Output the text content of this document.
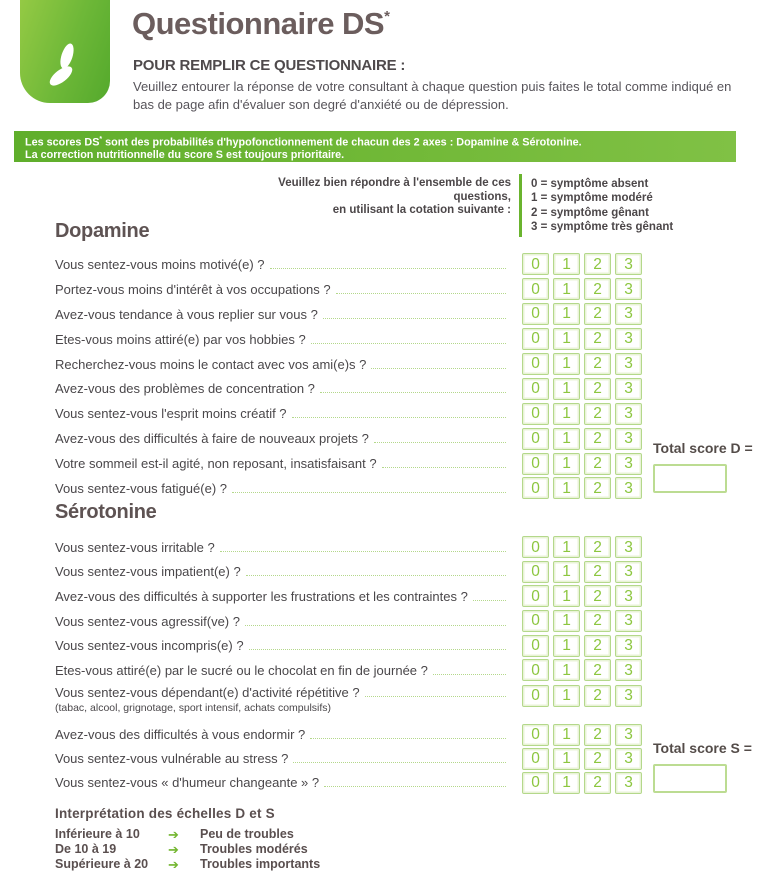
Questionnaire DS*
POUR REMPLIR CE QUESTIONNAIRE :
Veuillez entourer la réponse de votre consultant à chaque question puis faites le total comme indiqué en bas de page afin d'évaluer son degré d'anxiété ou de dépression.
Les scores DS* sont des probabilités d'hypofonctionnement de chacun des 2 axes : Dopamine & Sérotonine.
La correction nutritionnelle du score S est toujours prioritaire.
Veuillez bien répondre à l'ensemble de ces questions,
en utilisant la cotation suivante :
0 = symptôme absent
1 = symptôme modéré
2 = symptôme gênant
3 = symptôme très gênant
Dopamine
Vous sentez-vous moins motivé(e) ?	0	1	2	3
Portez-vous moins d'intérêt à vos occupations ?	0	1	2	3
Avez-vous tendance à vous replier sur vous ?	0	1	2	3
Etes-vous moins attiré(e) par vos hobbies ?	0	1	2	3
Recherchez-vous moins le contact avec vos ami(e)s ?	0	1	2	3
Avez-vous des problèmes de concentration ?	0	1	2	3
Vous sentez-vous l'esprit moins créatif ?	0	1	2	3
Avez-vous des difficultés à faire de nouveaux projets ?	0	1	2	3
Votre sommeil est-il agité, non reposant, insatisfaisant ?	0	1	2	3
Vous sentez-vous fatigué(e) ?	0	1	2	3
Total score D =
Sérotonine
Vous sentez-vous irritable ?	0	1	2	3
Vous sentez-vous impatient(e) ?	0	1	2	3
Avez-vous des difficultés à supporter les frustrations et les contraintes ?	0	1	2	3
Vous sentez-vous agressif(ve) ?	0	1	2	3
Vous sentez-vous incompris(e) ?	0	1	2	3
Etes-vous attiré(e) par le sucré ou le chocolat en fin de journée ?	0	1	2	3
Vous sentez-vous dépendant(e) d'activité répétitive ?
(tabac, alcool, grignotage, sport intensif, achats compulsifs)
0	1	2	3
Avez-vous des difficultés à vous endormir ?	0	1	2	3
Vous sentez-vous vulnérable au stress ?	0	1	2	3
Vous sentez-vous « d'humeur changeante » ?	0	1	2	3
Total score S =
Interprétation des échelles D et S
Inférieure à 10	➔	Peu de troubles
De 10 à 19	➔	Troubles modérés
Supérieure à 20	➔	Troubles importants
